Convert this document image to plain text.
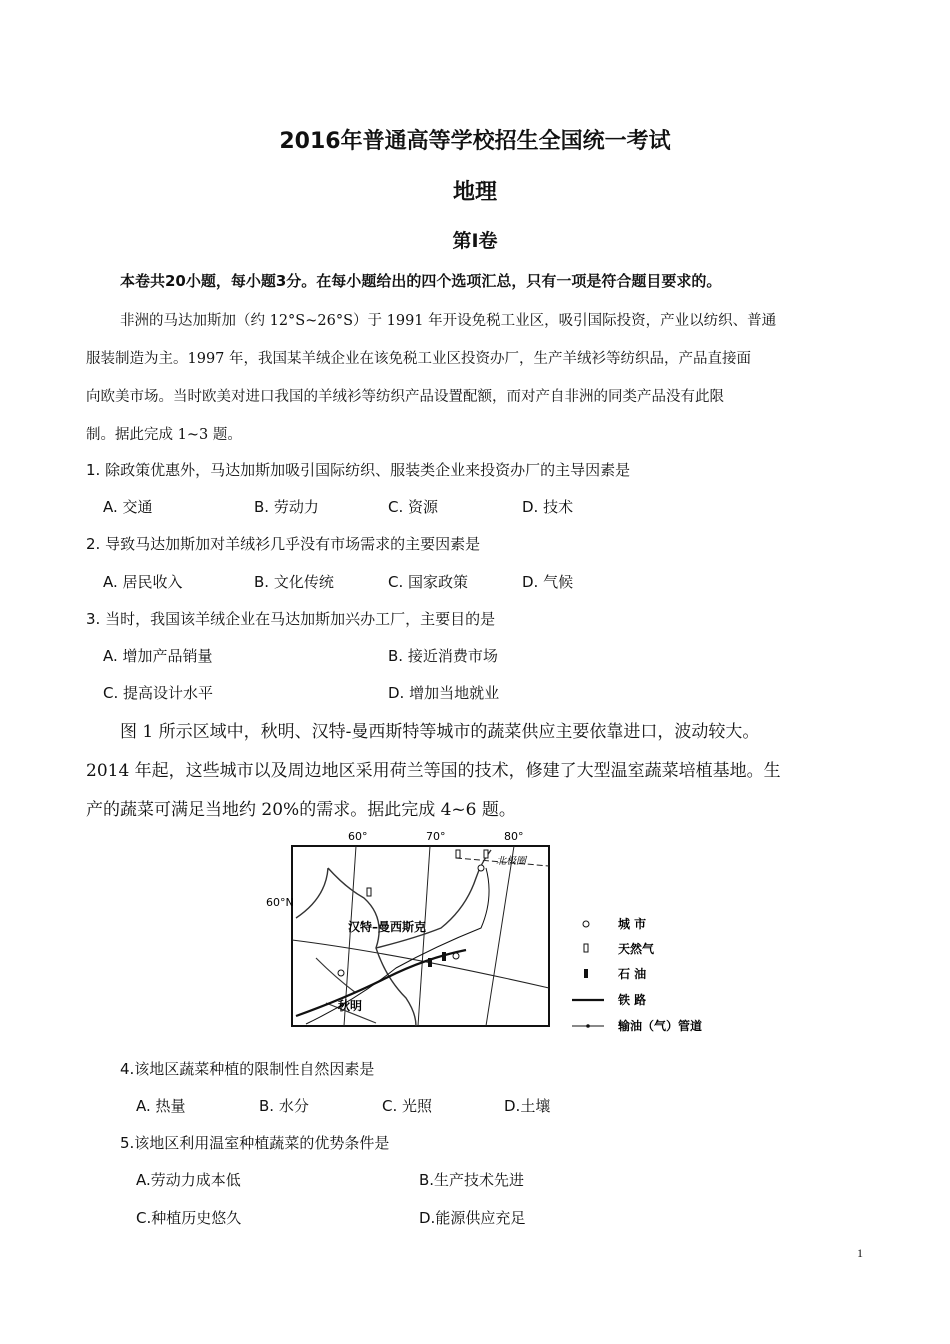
2016年普通高等学校招生全国统一考试
地理
第I卷
本卷共20小题，每小题3分。在每小题给出的四个选项汇总，只有一项是符合题目要求的。
非洲的马达加斯加（约 12°S~26°S）于 1991 年开设免税工业区，吸引国际投资，产业以纺织、普通
服装制造为主。1997 年，我国某羊绒企业在该免税工业区投资办厂，生产羊绒衫等纺织品，产品直接面
向欧美市场。当时欧美对进口我国的羊绒衫等纺织产品设置配额，而对产自非洲的同类产品没有此限
制。据此完成 1~3 题。
1. 除政策优惠外，马达加斯加吸引国际纺织、服装类企业来投资办厂的主导因素是
A. 交通	B. 劳动力	C. 资源	D. 技术
2. 导致马达加斯加对羊绒衫几乎没有市场需求的主要因素是
A. 居民收入	B. 文化传统	C. 国家政策	D. 气候
3. 当时，我国该羊绒企业在马达加斯加兴办工厂，主要目的是
A. 增加产品销量	B. 接近消费市场
C. 提高设计水平	D. 增加当地就业
图 1 所示区域中，秋明、汉特-曼西斯特等城市的蔬菜供应主要依靠进口，波动较大。
2014 年起，这些城市以及周边地区采用荷兰等国的技术，修建了大型温室蔬菜培植基地。生
产的蔬菜可满足当地约 20%的需求。据此完成 4~6 题。
60°	70°	80°
60°N
北极圈
汉特–曼西斯克
秋明
城 市
天然气
石 油
铁 路
输油（气）管道
4.该地区蔬菜种植的限制性自然因素是
A. 热量	B. 水分	C. 光照	D.土壤
5.该地区利用温室种植蔬菜的优势条件是
A.劳动力成本低	B.生产技术先进
C.种植历史悠久	D.能源供应充足
1
